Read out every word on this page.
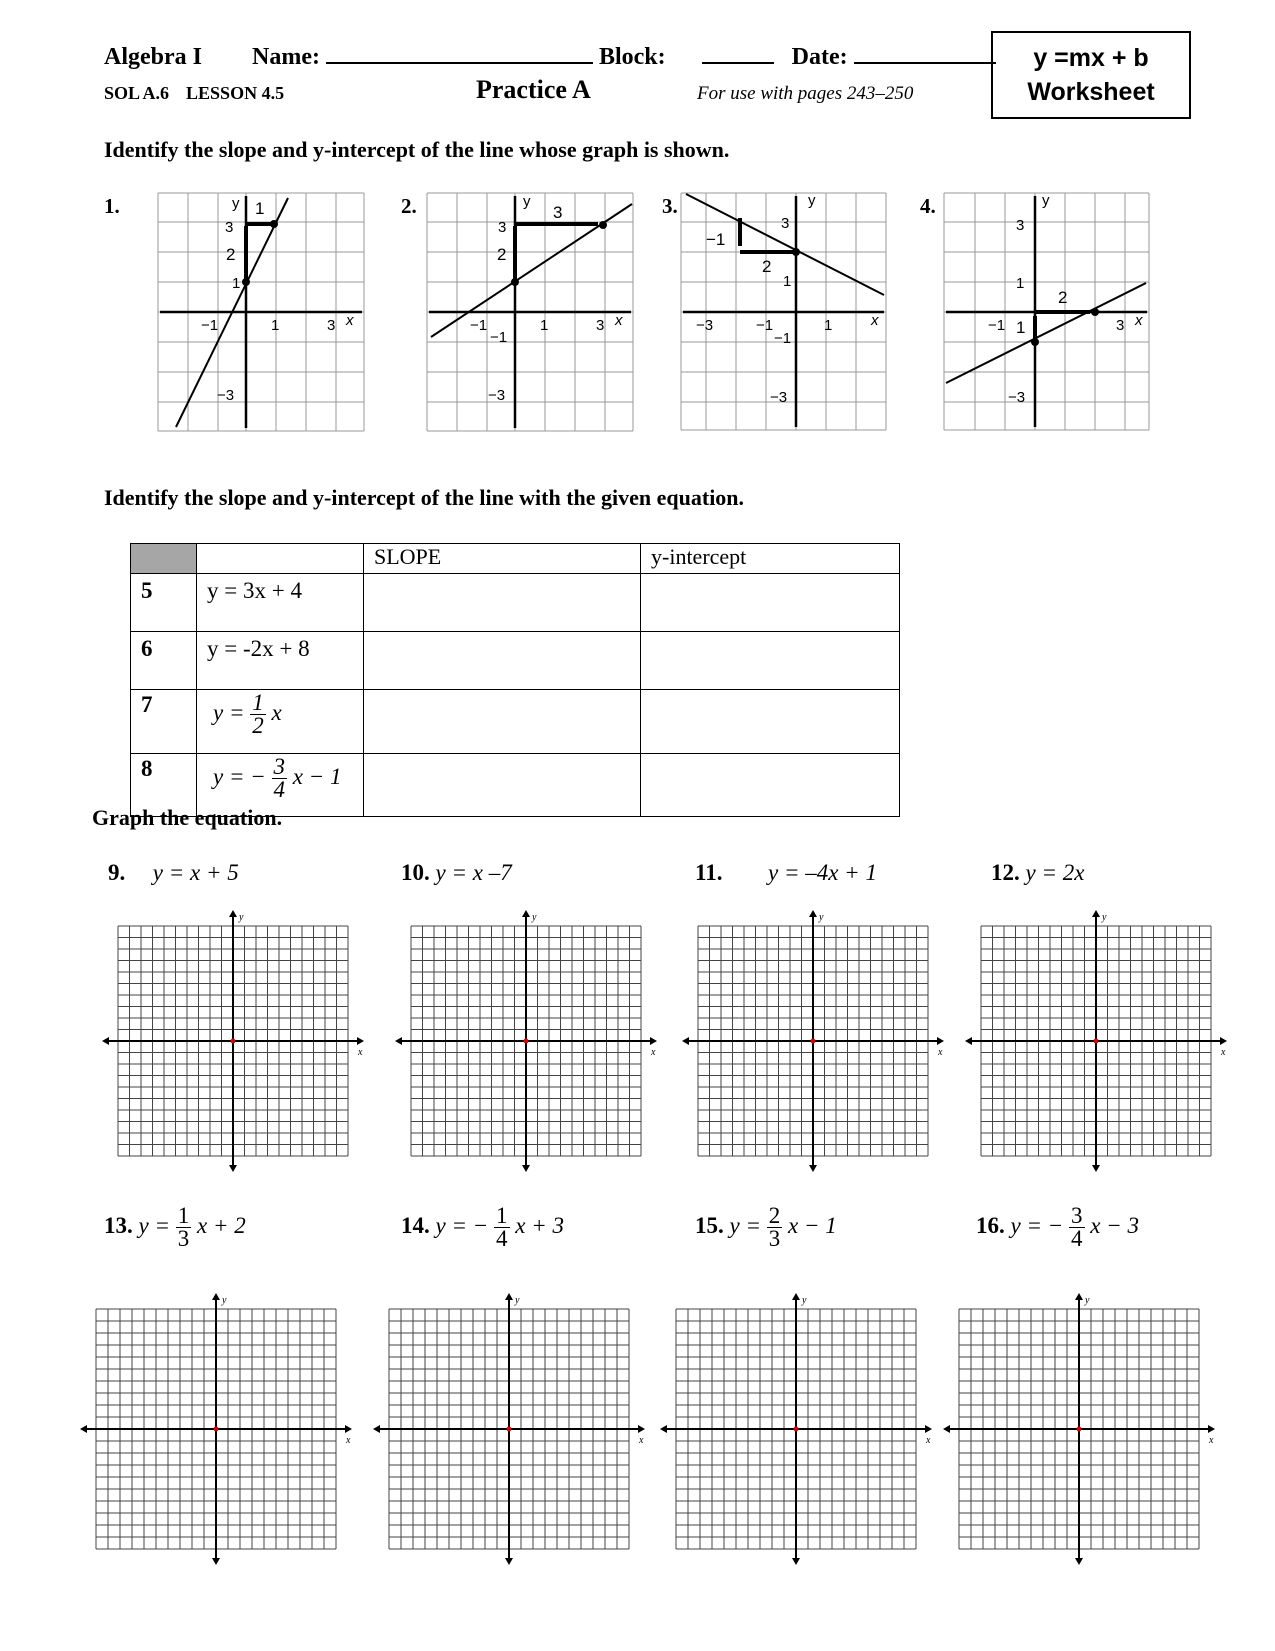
Algebra I Name:	Block:	Date:
SOL A.6 LESSON 4.5	Practice A	For use with pages 243–250
y =mx + b
Worksheet
Identify the slope and y-intercept of the line whose graph is shown.
1.	2.	3.	4.
y 1
3
2
1
−1	1	3 x
−3
y
3
3
2
−1	1	3 x
−1
−3
y
3
−1
2
1
−3	−1	1	x
−1
−3
y
3
1
2
−1 1	3 x
−3
Identify the slope and y-intercept of the line with the given equation.
		SLOPE	y-intercept
5	y = 3x + 4		
6	y = -2x + 8		
7	$y = \frac{1}{2}$ x		
8	y = − $\frac{3}{4}$ x − 1		
Graph the equation.
9. y = x + 5	10. y = x –7	11. y = –4x + 1	12. y = 2x
13. $y = \frac{1}{3}$ x + 2	14. y = − $\frac{1}{4}$ x + 3	15. $y = \frac{2}{3}$ x − 1	16. y = − $\frac{3}{4}$ x − 3
x
y
x
y
x
y
x
y
x
y
x
y
x
y
x
y
